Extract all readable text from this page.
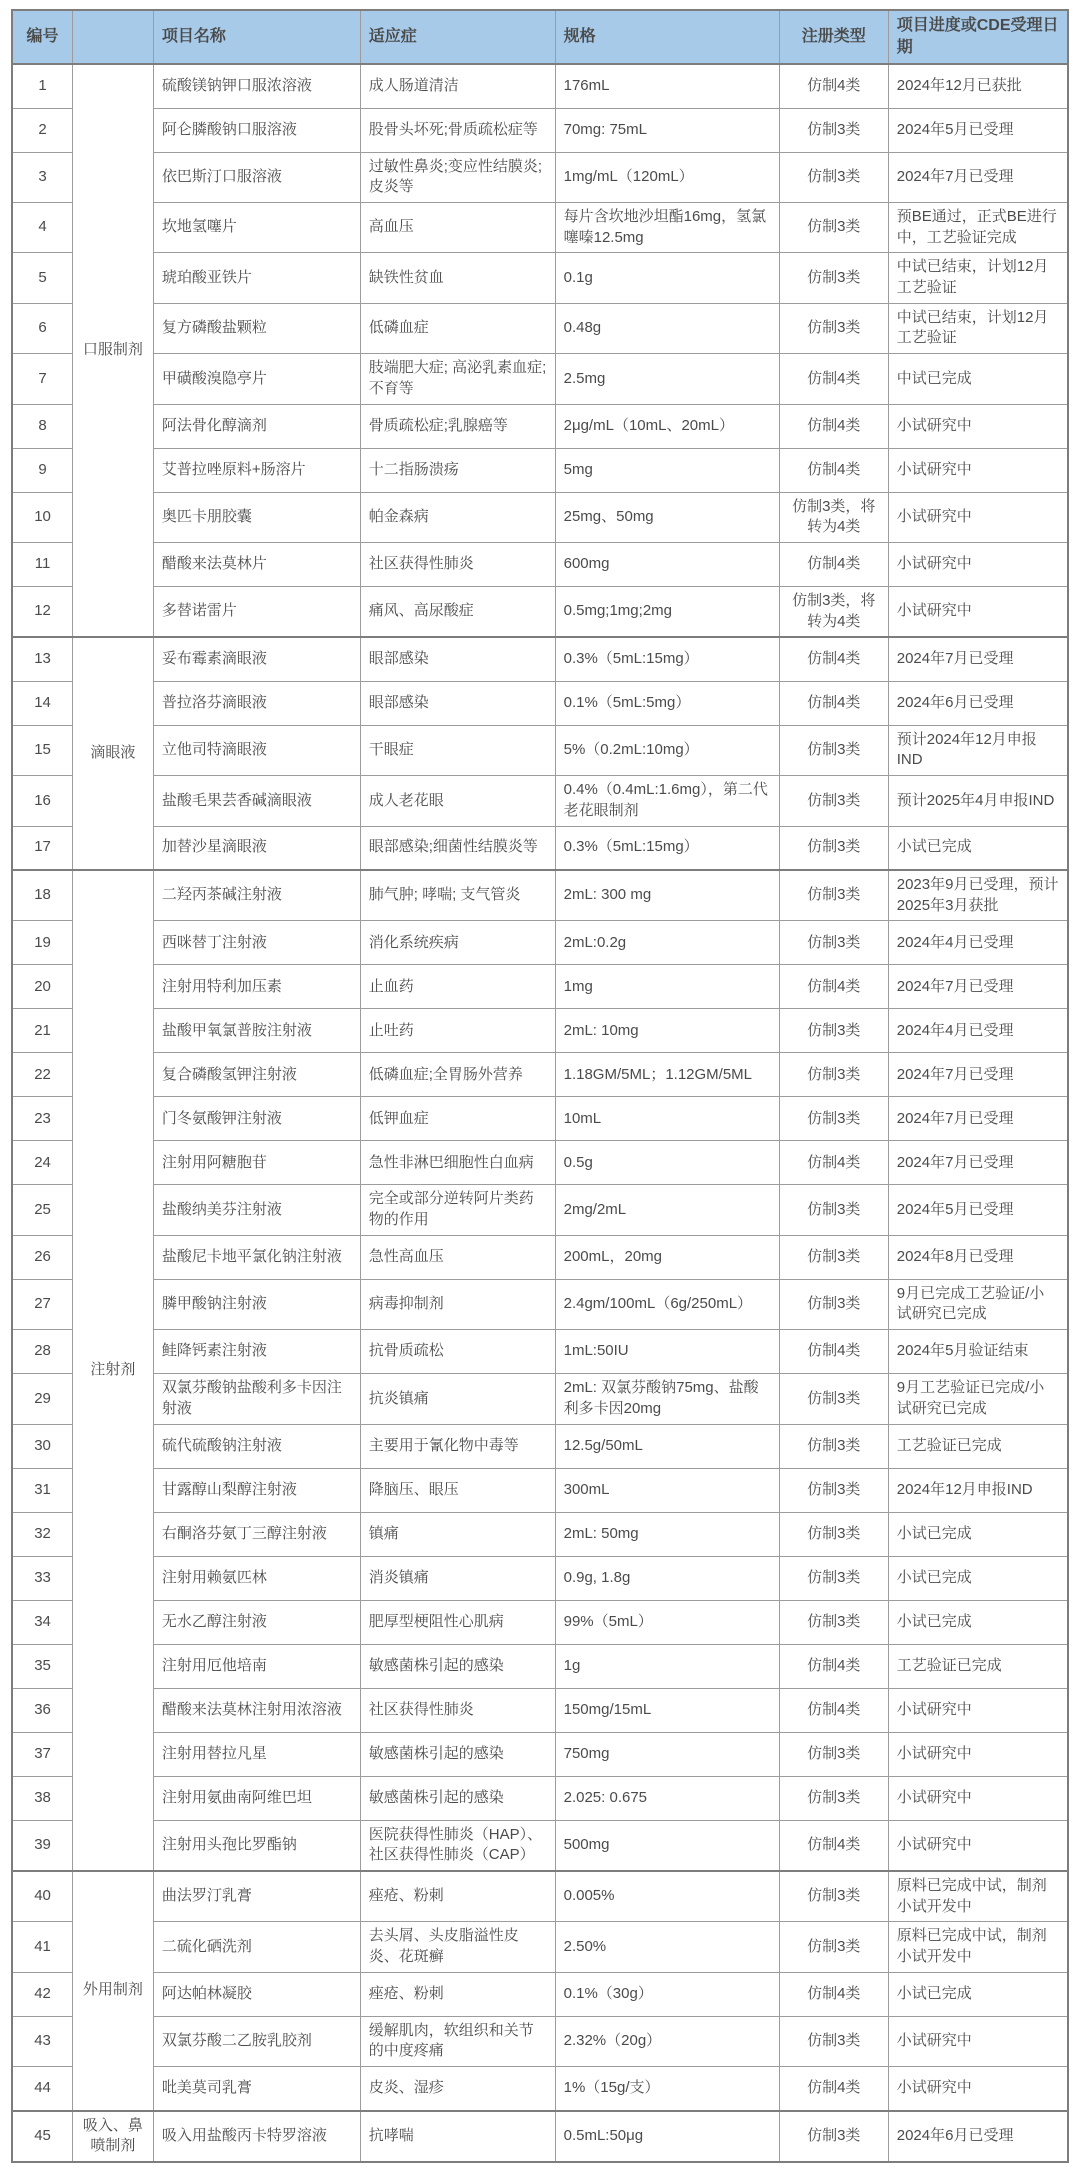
编号		项目名称	适应症	规格	注册类型	项目进度或CDE受理日期
1	口服制剂	硫酸镁钠钾口服浓溶液	成人肠道清洁	176mL	仿制4类	2024年12月已获批
2		阿仑膦酸钠口服溶液	股骨头坏死;骨质疏松症等	70mg: 75mL	仿制3类	2024年5月已受理
3		依巴斯汀口服溶液	过敏性鼻炎;变应性结膜炎;皮炎等	1mg/mL（120mL）	仿制3类	2024年7月已受理
4		坎地氢噻片	高血压	每片含坎地沙坦酯16mg，氢氯噻嗪12.5mg	仿制3类	预BE通过，正式BE进行中，工艺验证完成
5		琥珀酸亚铁片	缺铁性贫血	0.1g	仿制3类	中试已结束，计划12月工艺验证
6		复方磷酸盐颗粒	低磷血症	0.48g	仿制3类	中试已结束，计划12月工艺验证
7		甲磺酸溴隐亭片	肢端肥大症; 高泌乳素血症; 不育等	2.5mg	仿制4类	中试已完成
8		阿法骨化醇滴剂	骨质疏松症;乳腺癌等	2μg/mL（10mL、20mL）	仿制4类	小试研究中
9		艾普拉唑原料+肠溶片	十二指肠溃疡	5mg	仿制4类	小试研究中
10		奥匹卡朋胶囊	帕金森病	25mg、50mg	仿制3类，将转为4类	小试研究中
11		醋酸来法莫林片	社区获得性肺炎	600mg	仿制4类	小试研究中
12		多替诺雷片	痛风、高尿酸症	0.5mg;1mg;2mg	仿制3类，将转为4类	小试研究中
13	滴眼液	妥布霉素滴眼液	眼部感染	0.3%（5mL:15mg）	仿制4类	2024年7月已受理
14		普拉洛芬滴眼液	眼部感染	0.1%（5mL:5mg）	仿制4类	2024年6月已受理
15		立他司特滴眼液	干眼症	5%（0.2mL:10mg）	仿制3类	预计2024年12月申报IND
16		盐酸毛果芸香碱滴眼液	成人老花眼	0.4%（0.4mL:1.6mg），第二代老花眼制剂	仿制3类	预计2025年4月申报IND
17		加替沙星滴眼液	眼部感染;细菌性结膜炎等	0.3%（5mL:15mg）	仿制3类	小试已完成
18	注射剂	二羟丙茶碱注射液	肺气肿; 哮喘; 支气管炎	2mL: 300 mg	仿制3类	2023年9月已受理，预计2025年3月获批
19		西咪替丁注射液	消化系统疾病	2mL:0.2g	仿制3类	2024年4月已受理
20		注射用特利加压素	止血药	1mg	仿制4类	2024年7月已受理
21		盐酸甲氧氯普胺注射液	止吐药	2mL: 10mg	仿制3类	2024年4月已受理
22		复合磷酸氢钾注射液	低磷血症;全胃肠外营养	1.18GM/5ML；1.12GM/5ML	仿制3类	2024年7月已受理
23		门冬氨酸钾注射液	低钾血症	10mL	仿制3类	2024年7月已受理
24		注射用阿糖胞苷	急性非淋巴细胞性白血病	0.5g	仿制4类	2024年7月已受理
25		盐酸纳美芬注射液	完全或部分逆转阿片类药物的作用	2mg/2mL	仿制3类	2024年5月已受理
26		盐酸尼卡地平氯化钠注射液	急性高血压	200mL，20mg	仿制3类	2024年8月已受理
27		膦甲酸钠注射液	病毒抑制剂	2.4gm/100mL（6g/250mL）	仿制3类	9月已完成工艺验证/小试研究已完成
28		鲑降钙素注射液	抗骨质疏松	1mL:50IU	仿制4类	2024年5月验证结束
29		双氯芬酸钠盐酸利多卡因注射液	抗炎镇痛	2mL: 双氯芬酸钠75mg、盐酸利多卡因20mg	仿制3类	9月工艺验证已完成/小试研究已完成
30		硫代硫酸钠注射液	主要用于氰化物中毒等	12.5g/50mL	仿制3类	工艺验证已完成
31		甘露醇山梨醇注射液	降脑压、眼压	300mL	仿制3类	2024年12月申报IND
32		右酮洛芬氨丁三醇注射液	镇痛	2mL: 50mg	仿制3类	小试已完成
33		注射用赖氨匹林	消炎镇痛	0.9g, 1.8g	仿制3类	小试已完成
34		无水乙醇注射液	肥厚型梗阻性心肌病	99%（5mL）	仿制3类	小试已完成
35		注射用厄他培南	敏感菌株引起的感染	1g	仿制4类	工艺验证已完成
36		醋酸来法莫林注射用浓溶液	社区获得性肺炎	150mg/15mL	仿制4类	小试研究中
37		注射用替拉凡星	敏感菌株引起的感染	750mg	仿制3类	小试研究中
38		注射用氨曲南阿维巴坦	敏感菌株引起的感染	2.025: 0.675	仿制3类	小试研究中
39		注射用头孢比罗酯钠	医院获得性肺炎（HAP）、社区获得性肺炎（CAP）	500mg	仿制4类	小试研究中
40	外用制剂	曲法罗汀乳膏	痤疮、粉刺	0.005%	仿制3类	原料已完成中试，制剂小试开发中
41		二硫化硒洗剂	去头屑、头皮脂溢性皮炎、花斑癣	2.50%	仿制3类	原料已完成中试，制剂小试开发中
42		阿达帕林凝胶	痤疮、粉刺	0.1%（30g）	仿制4类	小试已完成
43		双氯芬酸二乙胺乳胶剂	缓解肌肉，软组织和关节的中度疼痛	2.32%（20g）	仿制3类	小试研究中
44		吡美莫司乳膏	皮炎、湿疹	1%（15g/支）	仿制4类	小试研究中
45	吸入、鼻喷制剂	吸入用盐酸丙卡特罗溶液	抗哮喘	0.5mL:50μg	仿制3类	2024年6月已受理
